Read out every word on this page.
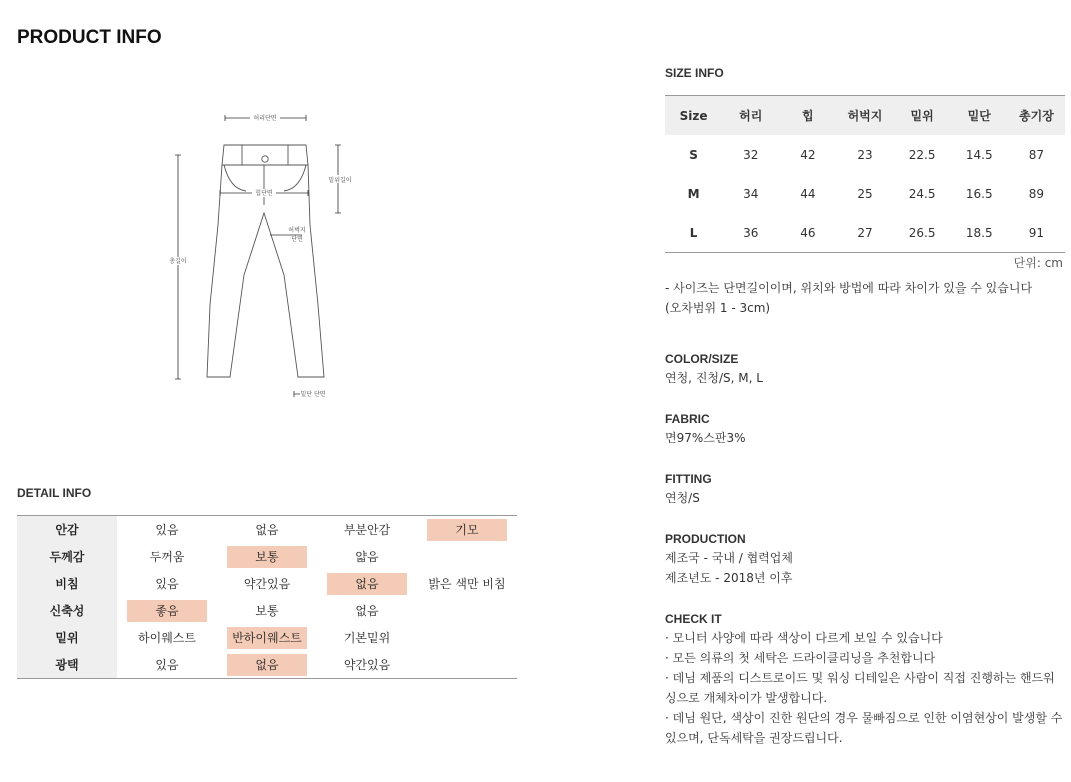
PRODUCT INFO
허리단면
힙단면
밑위길이
허벅지
단면
총길이
밑단 단면
DETAIL INFO
안감	있음	없음	부분안감	기모

두께감	두꺼움	보통	얇음	

비침	있음	약간있음	없음	밝은 색만 비침

신축성	좋음	보통	없음	

밑위	하이웨스트	반하이웨스트	기본밑위	

광택	있음	없음	약간있음	

SIZE INFO
Size	허리	힙	허벅지	밑위	밑단	총기장
S	32	42	23	22.5	14.5	87
M	34	44	25	24.5	16.5	89
L	36	46	27	26.5	18.5	91
단위: cm

- 사이즈는 단면길이이며, 위치와 방법에 따라 차이가 있을 수 있습니다

(오차범위 1 - 3cm)

COLOR/SIZE

연청, 진청/S, M, L

FABRIC

면97%스판3%

FITTING

연청/S

PRODUCTION

제조국 - 국내 / 협력업체

제조년도 - 2018년 이후

CHECK IT
· 모니터 사양에 따라 색상이 다르게 보일 수 있습니다
· 모든 의류의 첫 세탁은 드라이클리닝을 추천합니다
· 데님 제품의 디스트로이드 및 워싱 디테일은 사람이 직접 진행하는 핸드워싱으로 개체차이가 발생합니다.
· 데님 원단, 색상이 진한 원단의 경우 물빠짐으로 인한 이염현상이 발생할 수 있으며, 단독세탁을 권장드립니다.
